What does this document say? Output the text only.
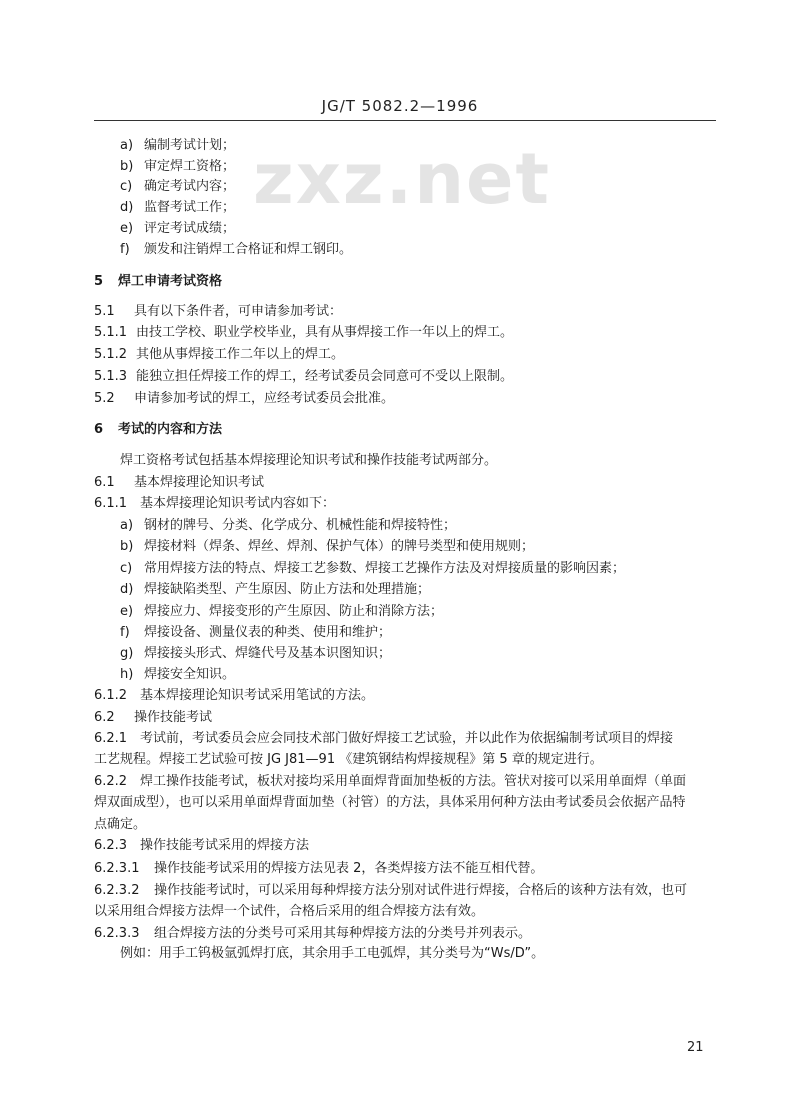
zxz.net
JG/T 5082.2—1996
a) 编制考试计划；
b) 审定焊工资格；
c) 确定考试内容；
d) 监督考试工作；
e) 评定考试成绩；
f) 颁发和注销焊工合格证和焊工钢印。
5 焊工申请考试资格
5.1 具有以下条件者，可申请参加考试：
5.1.1 由技工学校、职业学校毕业，具有从事焊接工作一年以上的焊工。
5.1.2 其他从事焊接工作二年以上的焊工。
5.1.3 能独立担任焊接工作的焊工，经考试委员会同意可不受以上限制。
5.2 申请参加考试的焊工，应经考试委员会批准。
6 考试的内容和方法
焊工资格考试包括基本焊接理论知识考试和操作技能考试两部分。
6.1 基本焊接理论知识考试
6.1.1 基本焊接理论知识考试内容如下：
a) 钢材的牌号、分类、化学成分、机械性能和焊接特性；
b) 焊接材料（焊条、焊丝、焊剂、保护气体）的牌号类型和使用规则；
c) 常用焊接方法的特点、焊接工艺参数、焊接工艺操作方法及对焊接质量的影响因素；
d) 焊接缺陷类型、产生原因、防止方法和处理措施；
e) 焊接应力、焊接变形的产生原因、防止和消除方法；
f) 焊接设备、测量仪表的种类、使用和维护；
g) 焊接接头形式、焊缝代号及基本识图知识；
h) 焊接安全知识。
6.1.2 基本焊接理论知识考试采用笔试的方法。
6.2 操作技能考试
6.2.1 考试前，考试委员会应会同技术部门做好焊接工艺试验，并以此作为依据编制考试项目的焊接
工艺规程。焊接工艺试验可按 JG J81—91 《建筑钢结构焊接规程》第 5 章的规定进行。
6.2.2 焊工操作技能考试，板状对接均采用单面焊背面加垫板的方法。管状对接可以采用单面焊（单面
焊双面成型），也可以采用单面焊背面加垫（衬管）的方法，具体采用何种方法由考试委员会依据产品特
点确定。
6.2.3 操作技能考试采用的焊接方法
6.2.3.1 操作技能考试采用的焊接方法见表 2，各类焊接方法不能互相代替。
6.2.3.2 操作技能考试时，可以采用每种焊接方法分别对试件进行焊接，合格后的该种方法有效，也可
以采用组合焊接方法焊一个试件，合格后采用的组合焊接方法有效。
6.2.3.3 组合焊接方法的分类号可采用其每种焊接方法的分类号并列表示。
例如：用手工钨极氩弧焊打底，其余用手工电弧焊，其分类号为“Ws/D”。
21
